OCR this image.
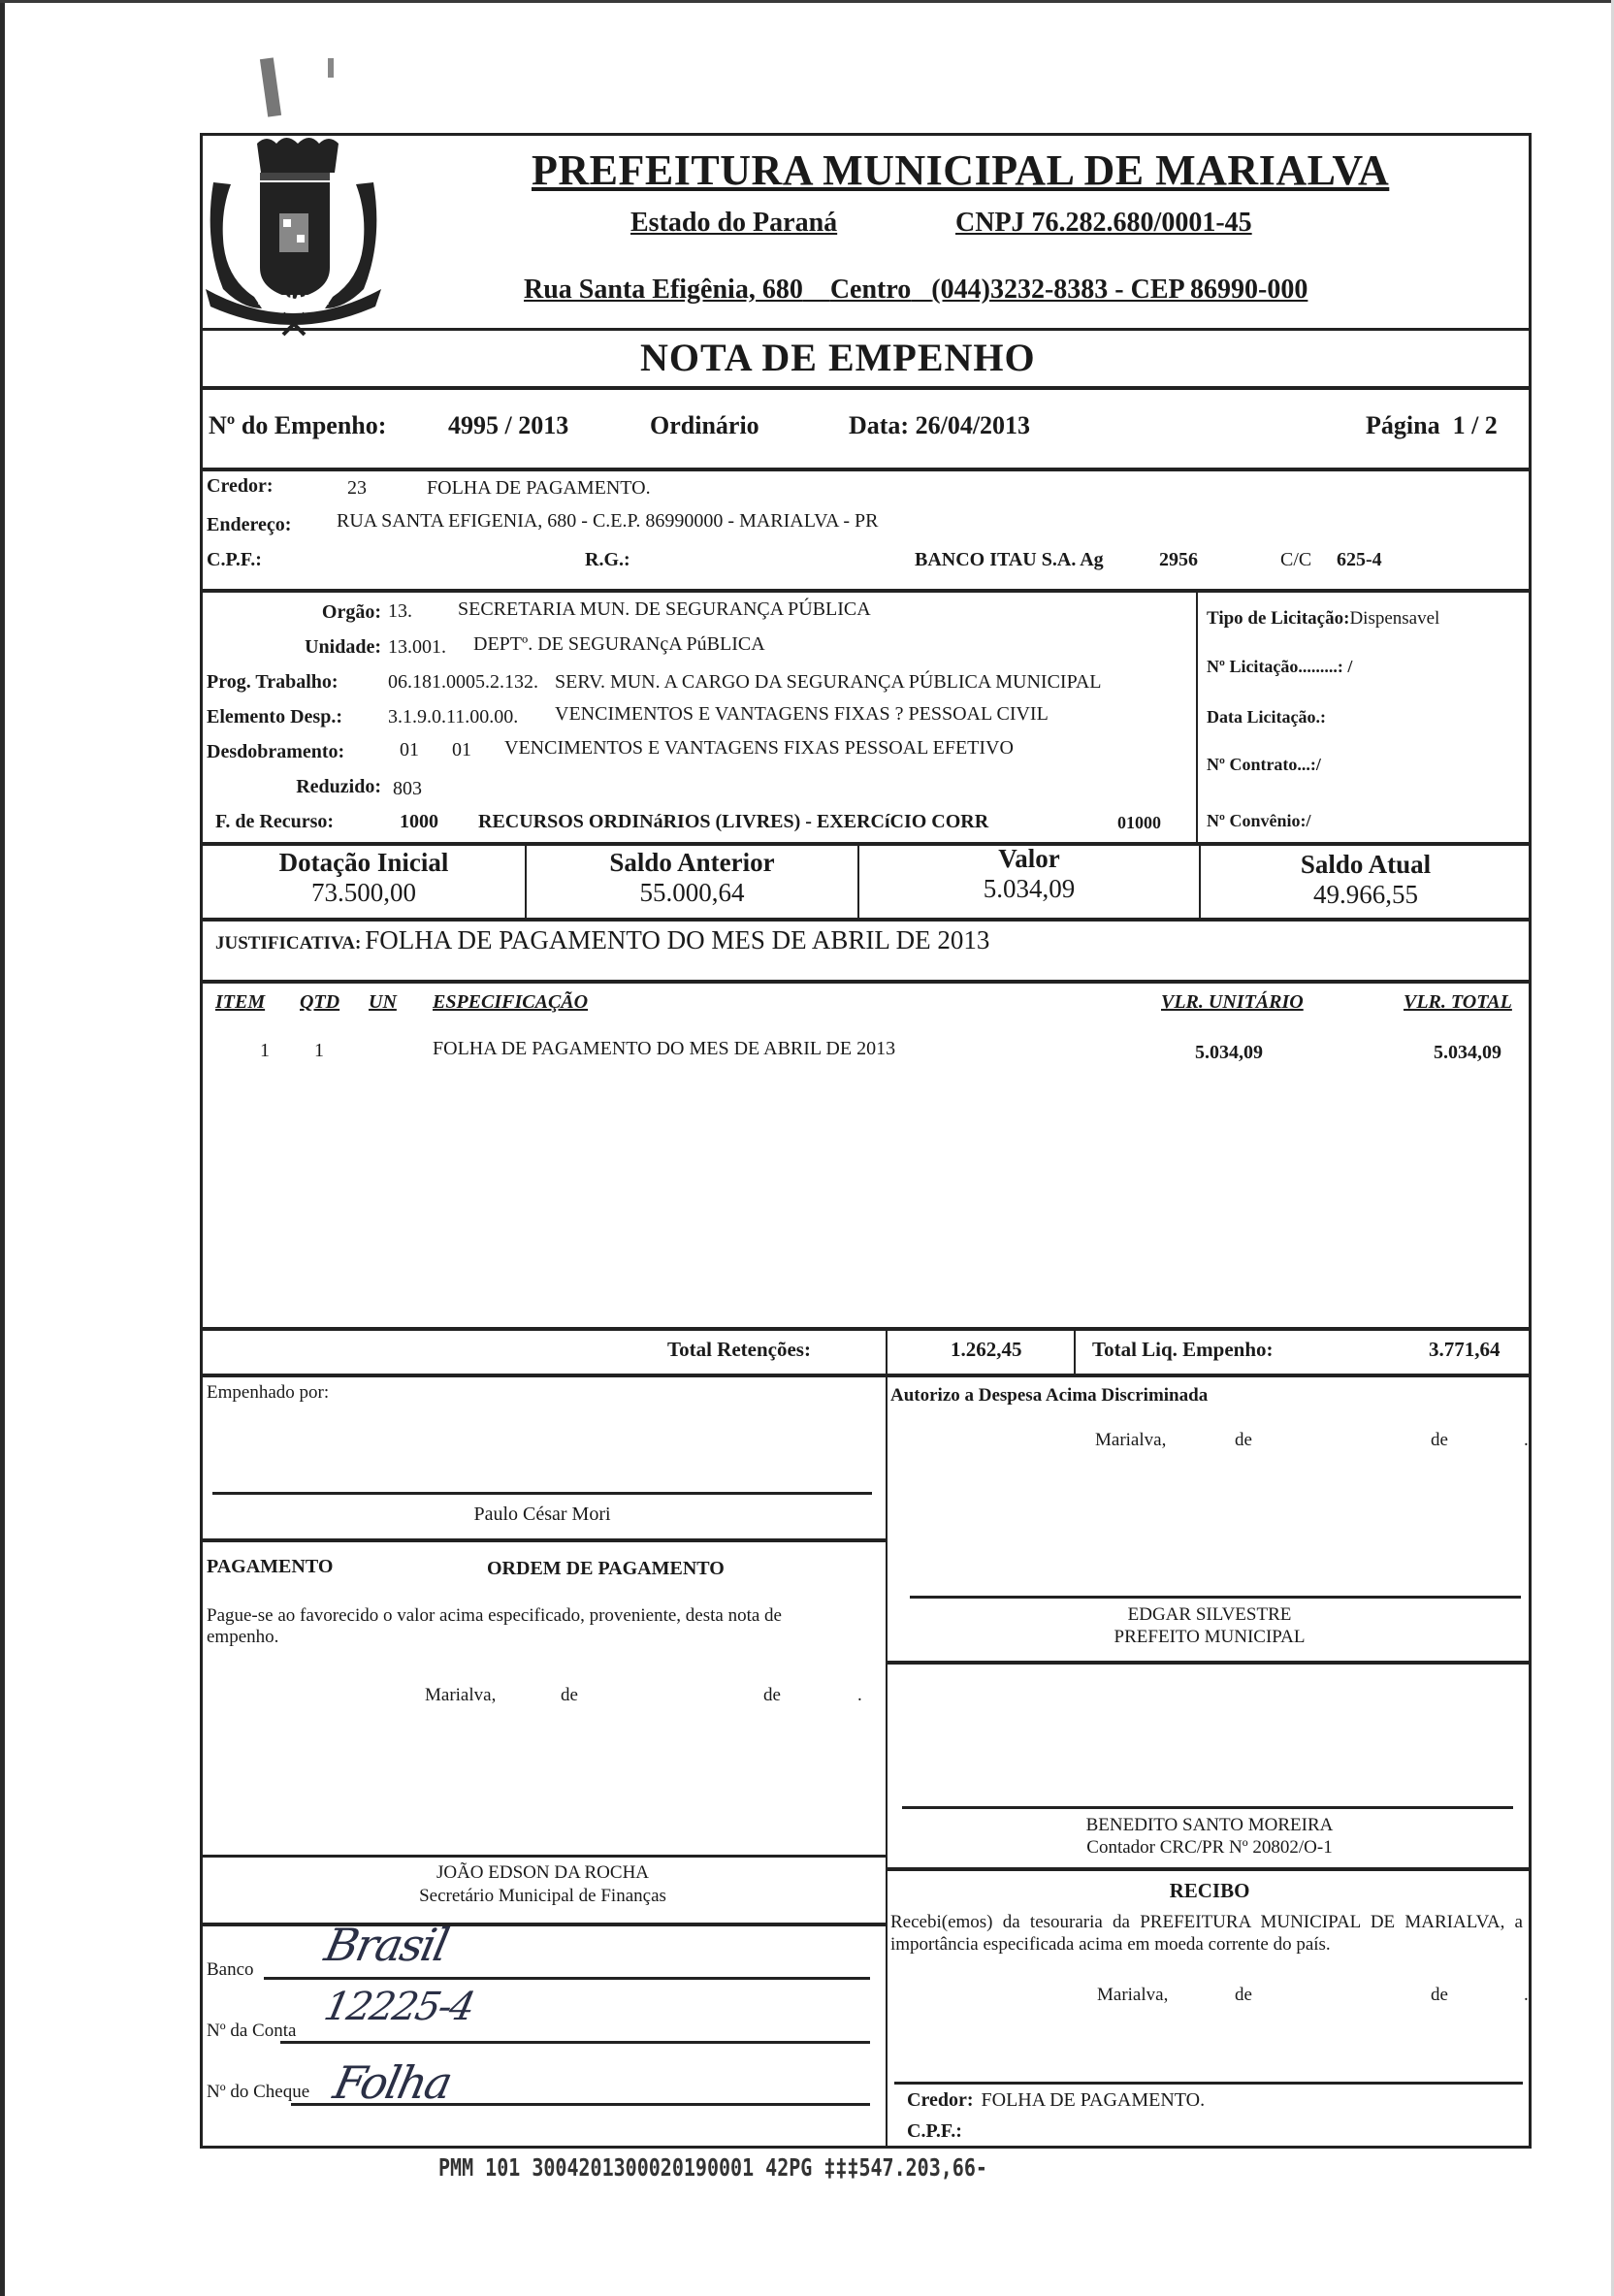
MARIALVA
PREFEITURA MUNICIPAL DE MARIALVA
Estado do Paraná	CNPJ 76.282.680/0001-45
Rua Santa Efigênia, 680 Centro (044)3232-8383 - CEP 86990-000
NOTA DE EMPENHO
Nº do Empenho: 4995 / 2013	Ordinário	Data: 26/04/2013	Página 1 / 2
Credor:	23	FOLHA DE PAGAMENTO.
Endereço: RUA SANTA EFIGENIA, 680 - C.E.P. 86990000 - MARIALVA - PR
C.P.F.:	R.G.:	BANCO ITAU S.A. Ag	2956	C/C 625-4
Orgão: 13. SECRETARIA MUN. DE SEGURANÇA PÚBLICA
Unidade: 13.001. DEPTº. DE SEGURANçA PúBLICA
Prog. Trabalho:	06.181.0005.2.132. SERV. MUN. A CARGO DA SEGURANÇA PÚBLICA MUNICIPAL
Elemento Desp.: 3.1.9.0.11.00.00. VENCIMENTOS E VANTAGENS FIXAS ? PESSOAL CIVIL
Desdobramento:	01 01 VENCIMENTOS E VANTAGENS FIXAS PESSOAL EFETIVO
Reduzido: 803
F. de Recurso:	1000 RECURSOS ORDINáRIOS (LIVRES) - EXERCíCIO CORR	01000
Tipo de Licitação:Dispensavel
Nº Licitação.........: /
Data Licitação.:
Nº Contrato...:/
Nº Convênio:/
Dotação Inicial
73.500,00
Saldo Anterior
55.000,64
Valor
5.034,09
Saldo Atual
49.966,55
JUSTIFICATIVA: FOLHA DE PAGAMENTO DO MES DE ABRIL DE 2013
ITEM QTD UN ESPECIFICAÇÃO	VLR. UNITÁRIO	VLR. TOTAL
1 1	FOLHA DE PAGAMENTO DO MES DE ABRIL DE 2013	5.034,09	5.034,09
Total Retenções:	1.262,45	Total Liq. Empenho:	3.771,64
Empenhado por:
Paulo César Mori
PAGAMENTO	ORDEM DE PAGAMENTO
Pague-se ao favorecido o valor acima especificado, proveniente, desta nota de empenho.
Marialva,	de	de	.
JOÃO EDSON DA ROCHA
Secretário Municipal de Finanças
Banco Brasil
Nº da Conta
12225-4
Nº do Cheque Folha
Autorizo a Despesa Acima Discriminada
Marialva,	de	de	.
EDGAR SILVESTRE
PREFEITO MUNICIPAL
BENEDITO SANTO MOREIRA
Contador CRC/PR Nº 20802/O-1
RECIBO
Recebi(emos) da tesouraria da PREFEITURA MUNICIPAL DE MARIALVA, a importância especificada acima em moeda corrente do país.
Marialva,	de	de	.
Credor: FOLHA DE PAGAMENTO.
C.P.F.:
PMM 101 3004201300020190001 42PG ‡‡‡547.203,66-
